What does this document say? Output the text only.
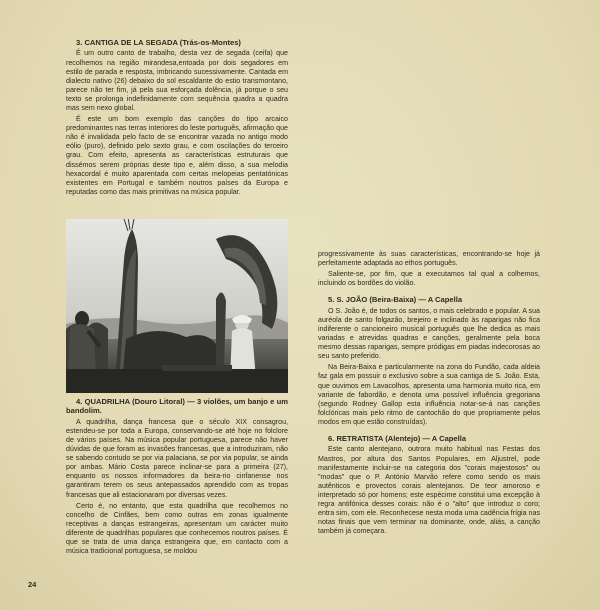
3. CANTIGA DE LA SEGADA (Trás-os-Montes)

É um outro canto de trabalho, desta vez de segada (ceifa) que recolhemos na região mirandesa,entoada por dois segadores em estilo de parada e resposta, imbricando sucessivamente. Cantada em dialecto nativo (26) debaixo do sol escaldante do estio transmontano, parece não ter fim, já pela sua esforçada dolência, já porque o seu texto se prolonga indefinidamente com sequência quadra a quadra mas sem nexo global.

É este um bom exemplo das canções do tipo arcaico predominantes nas terras interiores do leste português, afirmação que não é invalidada pelo facto de se encontrar vazada no antigo modo eólio (puro), definido pelo sexto grau, e com oscilações do terceiro grau. Com efeito, apresenta as características estruturais que dissémos serem próprias deste tipo e, além disso, a sua melodia hexacordal é muito aparentada com certas melopeias pentatónicas existentes em Portugal e também noutros países da Europa e reputadas como das mais primitivas na música popular.

4. QUADRILHA (Douro Litoral) — 3 violões, um banjo e um bandolim.

A quadrilha, dança francesa que o século XIX consagrou, estendeu-se por toda a Europa, conservando-se até hoje no folclore de vários países. Na música popular portuguesa, parece não haver dúvidas de que foram as invasões francesas, que a introduziram, não se sabendo contudo se por via palaciana, se por via popular, se ainda por ambas. Mário Costa parece inclinar-se para a primeira (27), enquanto os nossos informadores da beira-rio cinfanense nos garantiram terem os seus antepassados aprendido com as tropas francesas que ali estacionaram por diversas vezes.

Certo é, no entanto, que esta quadrilha que recolhemos no concelho de Cinfães, bem como outras em zonas igualmente receptivas a danças estrangeiras, apresentam um carácter muito diferente de quadrilhas populares que conhecemos noutros países. É que se trata de uma dança estrangeira que, em contacto com a música tradicional portuguesa, se moldou

progressivamente às suas características, encontrando-se hoje já perfeitamente adaptada ao ethos português.

Saliente-se, por fim, que a executamos tal qual a colhemos, incluindo os bordões do violão.

5. S. JOÃO (Beira-Baixa) — A Capella

O S. João é, de todos os santos, o mais celebrado e popular. A sua auréola de santo folgazão, brejeiro e inclinado às raparigas não fica indiferente o cancioneiro musical português que lhe dedica as mais variadas e atrevidas quadras e canções, geralmente pela boca mesmo dessas raparigas, sempre pródigas em piadas indecorosas ao seu santo preferido.

Na Beira-Baixa e particularmente na zona do Fundão, cada aldeia faz gala em possuir o exclusivo sobre a sua cantiga de S. João. Esta, que ouvimos em Lavacolhos, apresenta uma harmonia muito rica, em variante de fabordão, e denota uma possível influência gregoriana (segundo Rodney Gallop esta influência notar-se-á nas canções folclóricas mais pelo ritmo de cantochão do que propriamente pelos modos em que estão construídas).

6. RETRATISTA (Alentejo) — A Capella

Este canto alentejano, outrora muito habitual nas Festas dos Mastros, por altura dos Santos Populares, em Aljustrel, pode manifestamente incluir-se na categoria dos "corais majestosos" ou "modas" que o P. António Marvão refere como sendo os mais autênticos e provectos corais alentejanos. De teor amoroso e interpretado só por homens; este espécime constitui uma excepção à regra antifónica desses corais: não é o "alto" que introduz o coro; entra sim, com ele. Reconhecese nesta moda uma cadência frígia nas notas finais que vem terminar na dominante, onde, aliás, a canção também já começara.

24
